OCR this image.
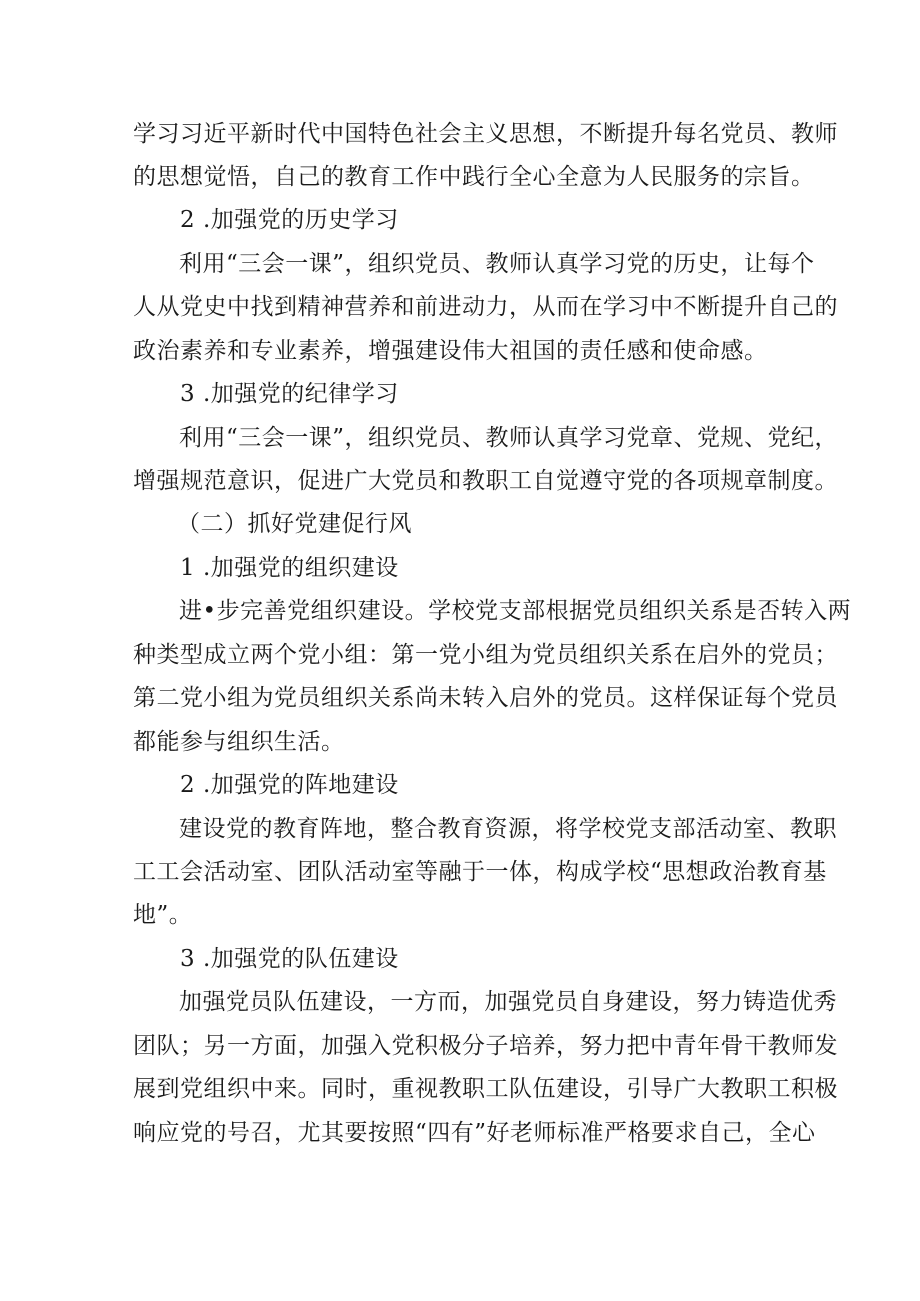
学习习近平新时代中国特色社会主义思想，不断提升每名党员、教师
的思想觉悟，自己的教育工作中践行全心全意为人民服务的宗旨。
2 .加强党的历史学习
利用“三会一课”，组织党员、教师认真学习党的历史，让每个
人从党史中找到精神营养和前进动力，从而在学习中不断提升自己的
政治素养和专业素养，增强建设伟大祖国的责任感和使命感。
3 .加强党的纪律学习
利用“三会一课”，组织党员、教师认真学习党章、党规、党纪，
增强规范意识，促进广大党员和教职工自觉遵守党的各项规章制度。
（二）抓好党建促行风
1 .加强党的组织建设
进•步完善党组织建设。学校党支部根据党员组织关系是否转入两
种类型成立两个党小组：第一党小组为党员组织关系在启外的党员；
第二党小组为党员组织关系尚未转入启外的党员。这样保证每个党员
都能参与组织生活。
2 .加强党的阵地建设
建设党的教育阵地，整合教育资源，将学校党支部活动室、教职
工工会活动室、团队活动室等融于一体，构成学校“思想政治教育基
地”。
3 .加强党的队伍建设
加强党员队伍建设，一方而，加强党员自身建设，努力铸造优秀
团队；另一方面，加强入党积极分子培养，努力把中青年骨干教师发
展到党组织中来。同时，重视教职工队伍建设，引导广大教职工积极
响应党的号召，尤其要按照“四有”好老师标准严格要求自己，全心
